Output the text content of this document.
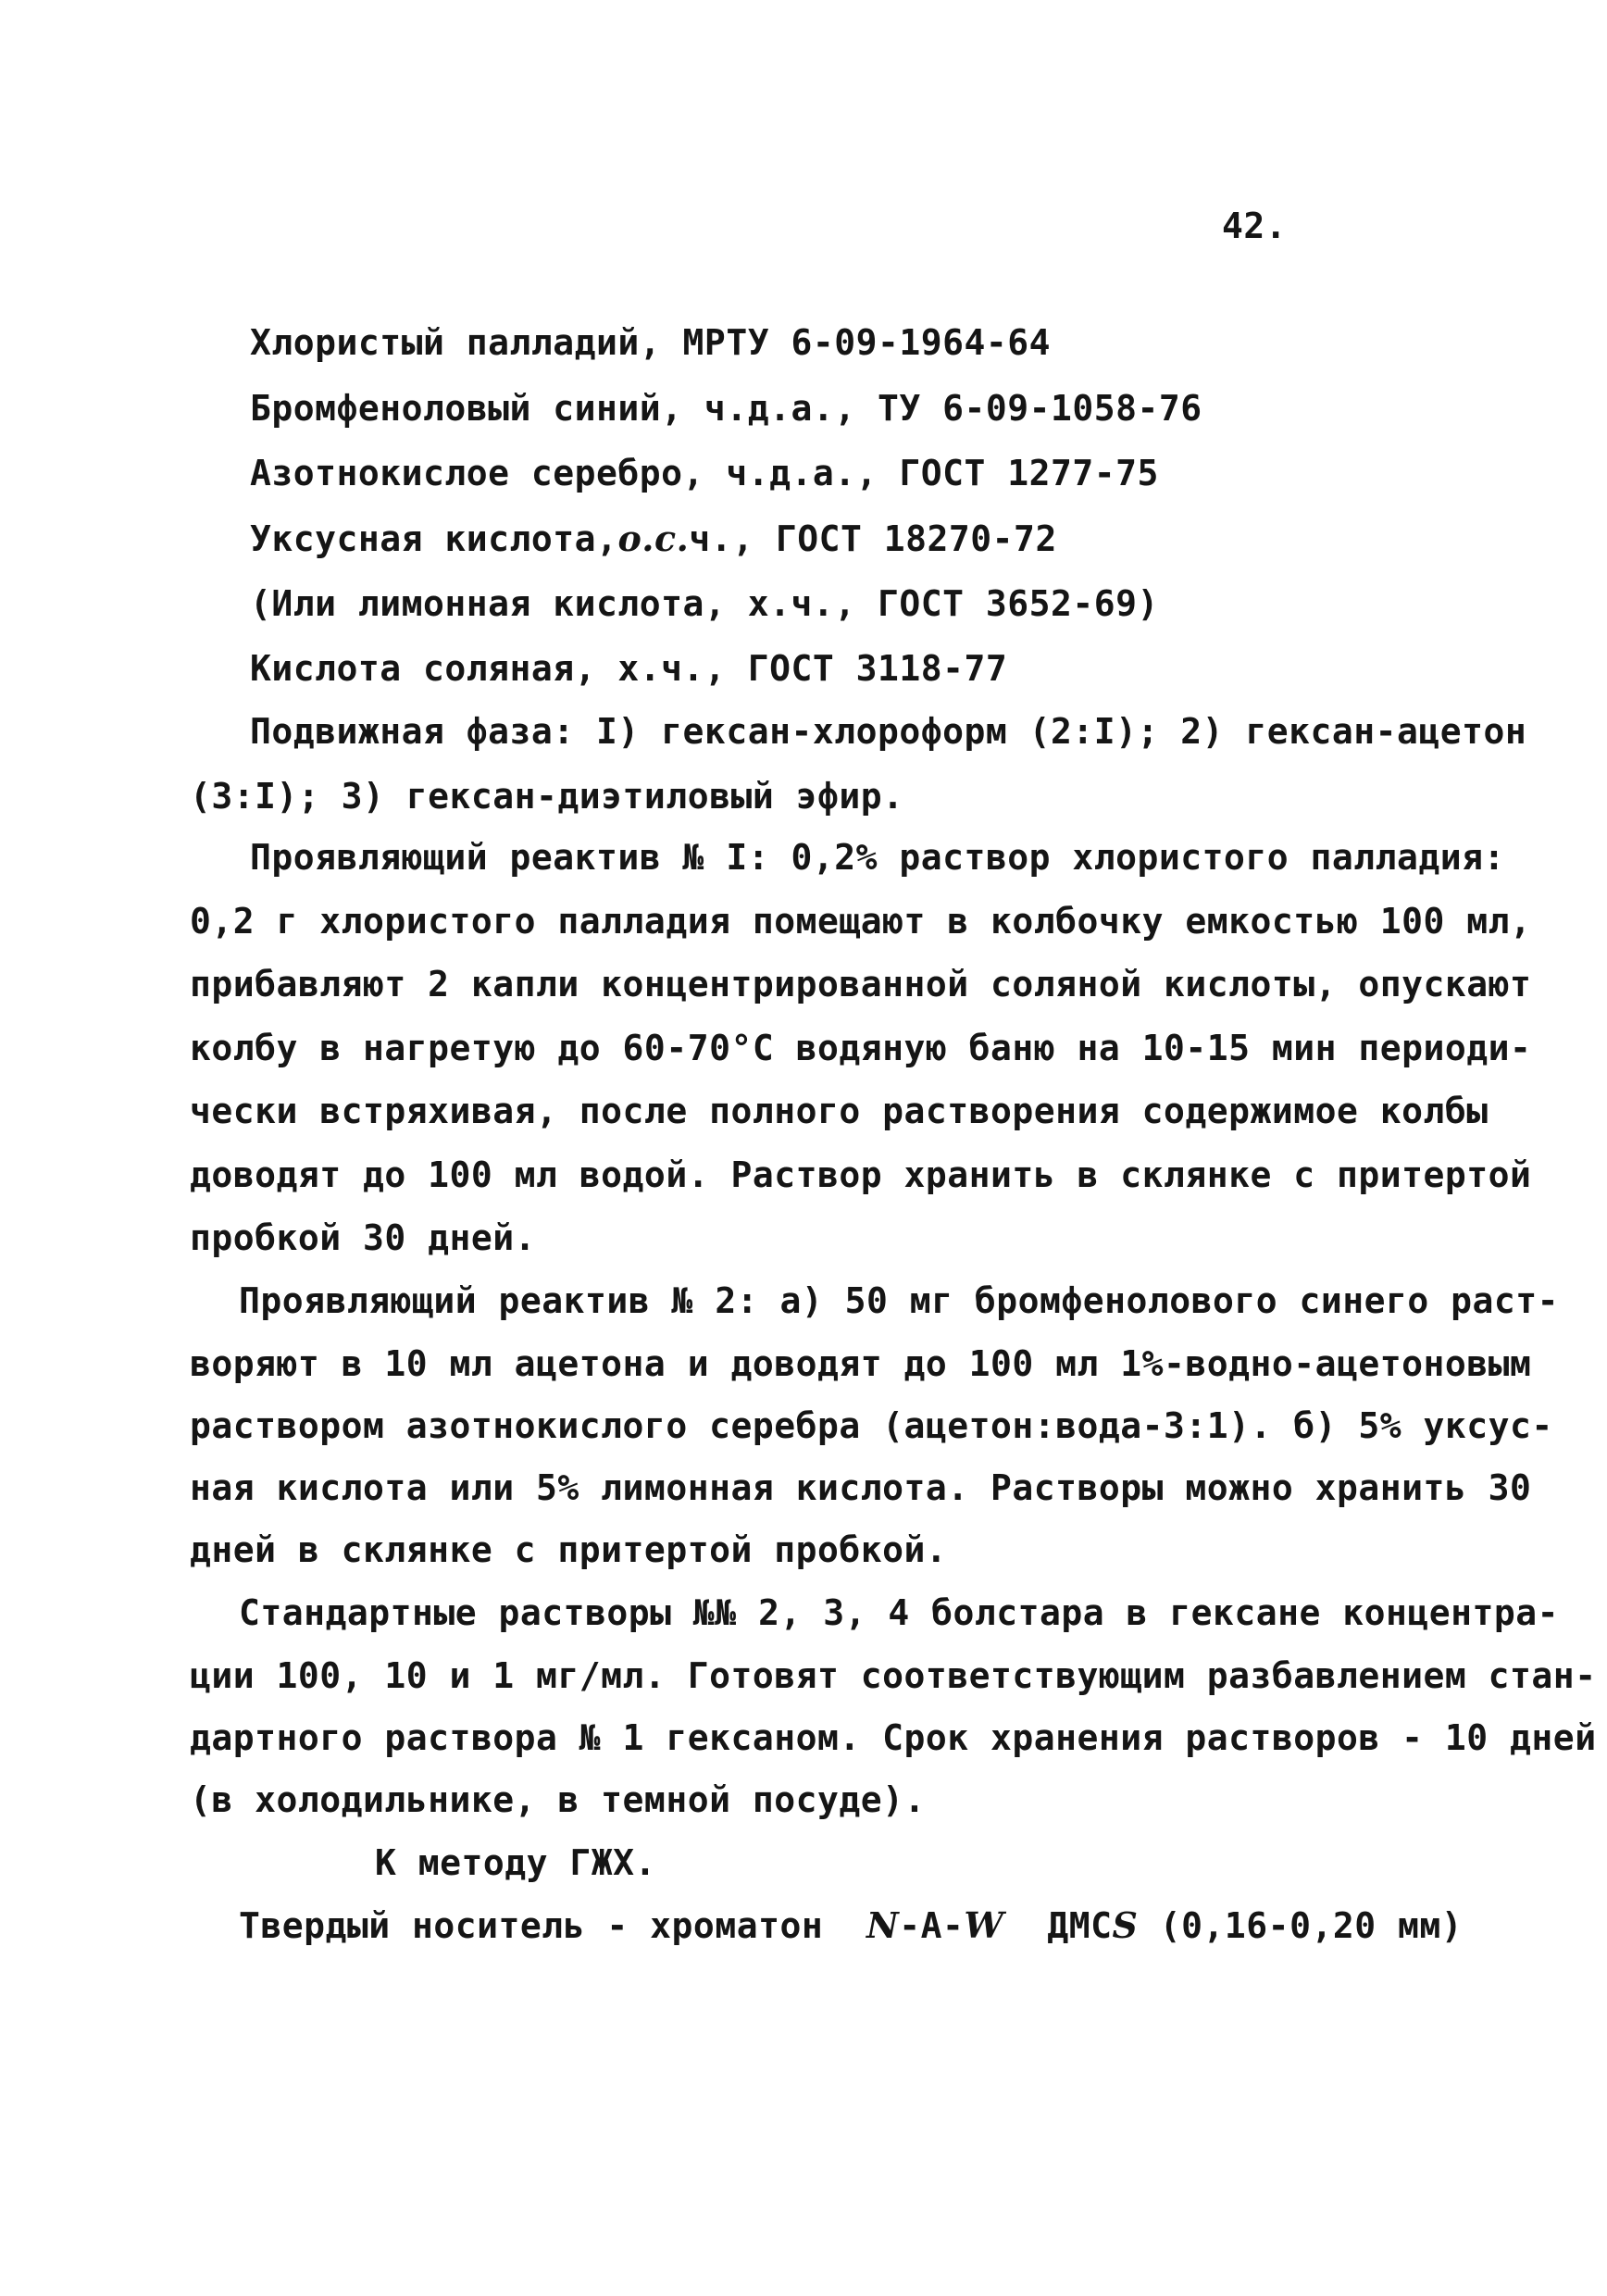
42.
Хлористый палладий, МРТУ 6-09-1964-64
Бромфеноловый синий, ч.д.а., ТУ 6-09-1058-76
Азотнокислое серебро, ч.д.а., ГОСТ 1277-75
Уксусная кислота,о.с.ч., ГОСТ 18270-72
(Или лимонная кислота, х.ч., ГОСТ 3652-69)
Кислота соляная, х.ч., ГОСТ 3118-77
Подвижная фаза: I) гексан-хлороформ (2:I); 2) гексан-ацетон
(3:I); 3) гексан-диэтиловый эфир.
Проявляющий реактив № I: 0,2% раствор хлористого палладия:
0,2 г хлористого палладия помещают в колбочку емкостью 100 мл,
прибавляют 2 капли концентрированной соляной кислоты, опускают
колбу в нагретую до 60-70°C водяную баню на 10-15 мин периоди-
чески встряхивая, после полного растворения содержимое колбы
доводят до 100 мл водой. Раствор хранить в склянке с притертой
пробкой 30 дней.
Проявляющий реактив № 2: а) 50 мг бромфенолового синего раст-
воряют в 10 мл ацетона и доводят до 100 мл 1%-водно-ацетоновым
раствором азотнокислого серебра (ацетон:вода-3:1). б) 5% уксус-
ная кислота или 5% лимонная кислота. Растворы можно хранить 30
дней в склянке с притертой пробкой.
Стандартные растворы №№ 2, 3, 4 болстара в гексане концентра-
ции 100, 10 и 1 мг/мл. Готовят соответствующим разбавлением стан-
дартного раствора № 1 гексаном. Срок хранения растворов - 10 дней
(в холодильнике, в темной посуде).
К методу ГЖХ.
Твердый носитель - хроматон N-A-W ДМСS (0,16-0,20 мм)
